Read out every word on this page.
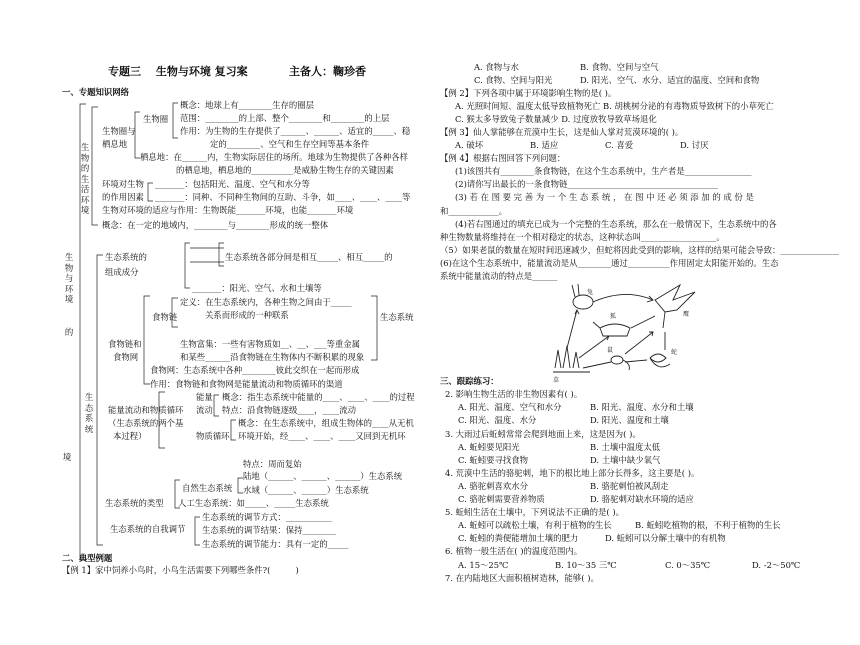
专题三　 生物与环境 复习案	主备人：鞠珍香
一、专题知识网络
生物的生活环境
生物与环境
的
生态系统
境
生物圈与
栖息地
生物圈
概念：地球上有________生存的圈层
范围：________的上部、整个________和________的上层
作用：为生物的生存提供了______、______、适宜的_____、稳
定的________、空气和生存空间等基本条件
栖息地：在______内，生物实际居住的场所。地球为生物提供了各种各样
的栖息地，栖息地的__________是威胁生物生存的关键因素
环境对生物
的作用因素
_______：包括阳光、温度、空气和水分等
_______：同种、不同种生物间的互助、斗争，如____、____、____等
生物对环境的适应与作用：生物既能_______环境，也能_______环境
概念：在一定的地域内，________与________形成的统一整体
生态系统的
组成成分
生态系统各部分间是相互_____、相互_____的
_______：阳光、空气、水和土壤等
食物链
定义：在生态系统内，各种生物之间由于_____
关系而形成的一种联系	生态系统
生物富集：一些有害物质如__、__、___等重金属
和某些______沿食物链在生物体内不断积累的现象
食物链和
食物网
食物网：生态系统中各种________彼此交织在一起而形成
作用：食物链和食物网是能量流动和物质循环的渠道
能量
流动
概念：指生态系统中能量的____、____、____的过程
特点：沿食物链逐级____，____流动
能量流动和物质循环
（生态系统的两个基
本过程）	物质循环
概念：在生态系统中，组成生物体的____从无机
环境开始，经____、____、____又回到无机环
特点：周而复始
陆地（______、______、______）生态系统
自然生态系统 水域（______、______）生态系统
生态系统的类型 人工生态系统：如_____、_____生态系统
生态系统的自我调节
生态系统的调节方式：___________
生态系统的调节结果：保持________
生态系统的调节能力：具有一定的_____
二、典型例题
【例 1】家中饲养小鸟时，小鸟生活需要下列哪些条件?(　　　)
A. 食物与水	B. 食物、空间与空气
C. 食物、空间与阳光	D. 阳光、空气、水分、适宜的温度、空间和食物
【例 2】下列各项中属于环境影响生物的是( )。
A. 光照时间短、温度太低导致植物死亡 B. 胡桃树分泌的有毒物质导致树下的小草死亡
C. 猴太多导致兔子数量减少 D. 过度放牧导致草场退化
【例 3】仙人掌能够在荒漠中生长，这是仙人掌对荒漠环境的( )。
A. 破坏	B. 适应	C. 喜爱	D. 讨厌
【例 4】根据右图回答下列问题：
(1)该图共有________条食物链，在这个生态系统中，生产者是________________
(2)请你写出最长的一条食物链____________________________________
(3) 若 在 图 要 完 善 为 一 个 生 态 系 统 ， 在 图 中 还 必 须 添 加 的 成 份 是
和____________。
(4)若右图通过的填充已成为一个完整的生态系统，那么在一般情况下，生态系统中的各
种生物数量将维持在一个相对稳定的状态，这种状态叫__________________。
（5）如果老鼠的数量在短时间迅速减少，但蛇将因此受到的影响，这样的结果可能会导致：______________
(6)在这个生态系统中，能量流动是从________通过__________作用固定太阳能开始的。生态
系统中能量流动的特点是______
兔
鹰
狐
草
鼠	蛇
三、跟踪练习：
2. 影响生物生活的非生物因素有( )。
A. 阳光、温度、空气和水分	B. 阳光、温度、水分和土壤
C. 阳光、温度、水分	D. 阳光、温度和土壤
3. 大雨过后蚯蚓常常会爬到地面上来，这是因为( )。
A. 蚯蚓要见阳光	B. 土壤中温度太低
C. 蚯蚓要寻找食物	D. 土壤中缺少氧气
4. 荒漠中生活的骆驼刺，地下的根比地上部分长得多，这主要是( )。
A. 骆驼刺喜欢水分	B. 骆驼刺怕被风刮走
C. 骆驼刺需要营养物质	D. 骆驼刺对缺水环境的适应
5. 蚯蚓生活在土壤中，下列说法不正确的是( )。
A. 蚯蚓可以疏松土壤，有利于植物的生长	B. 蚯蚓吃植物的根，不利于植物的生长
C. 蚯蚓的粪便能增加土壤的肥力	D. 蚯蚓可以分解土壤中的有机物
6. 植物一般生活在( )的温度范围内。
A. 15～25℃	B. 10～35 三℃	C. 0～35℃	D. -2～50℃
7. 在内陆地区大面积植树造林，能够( )。
